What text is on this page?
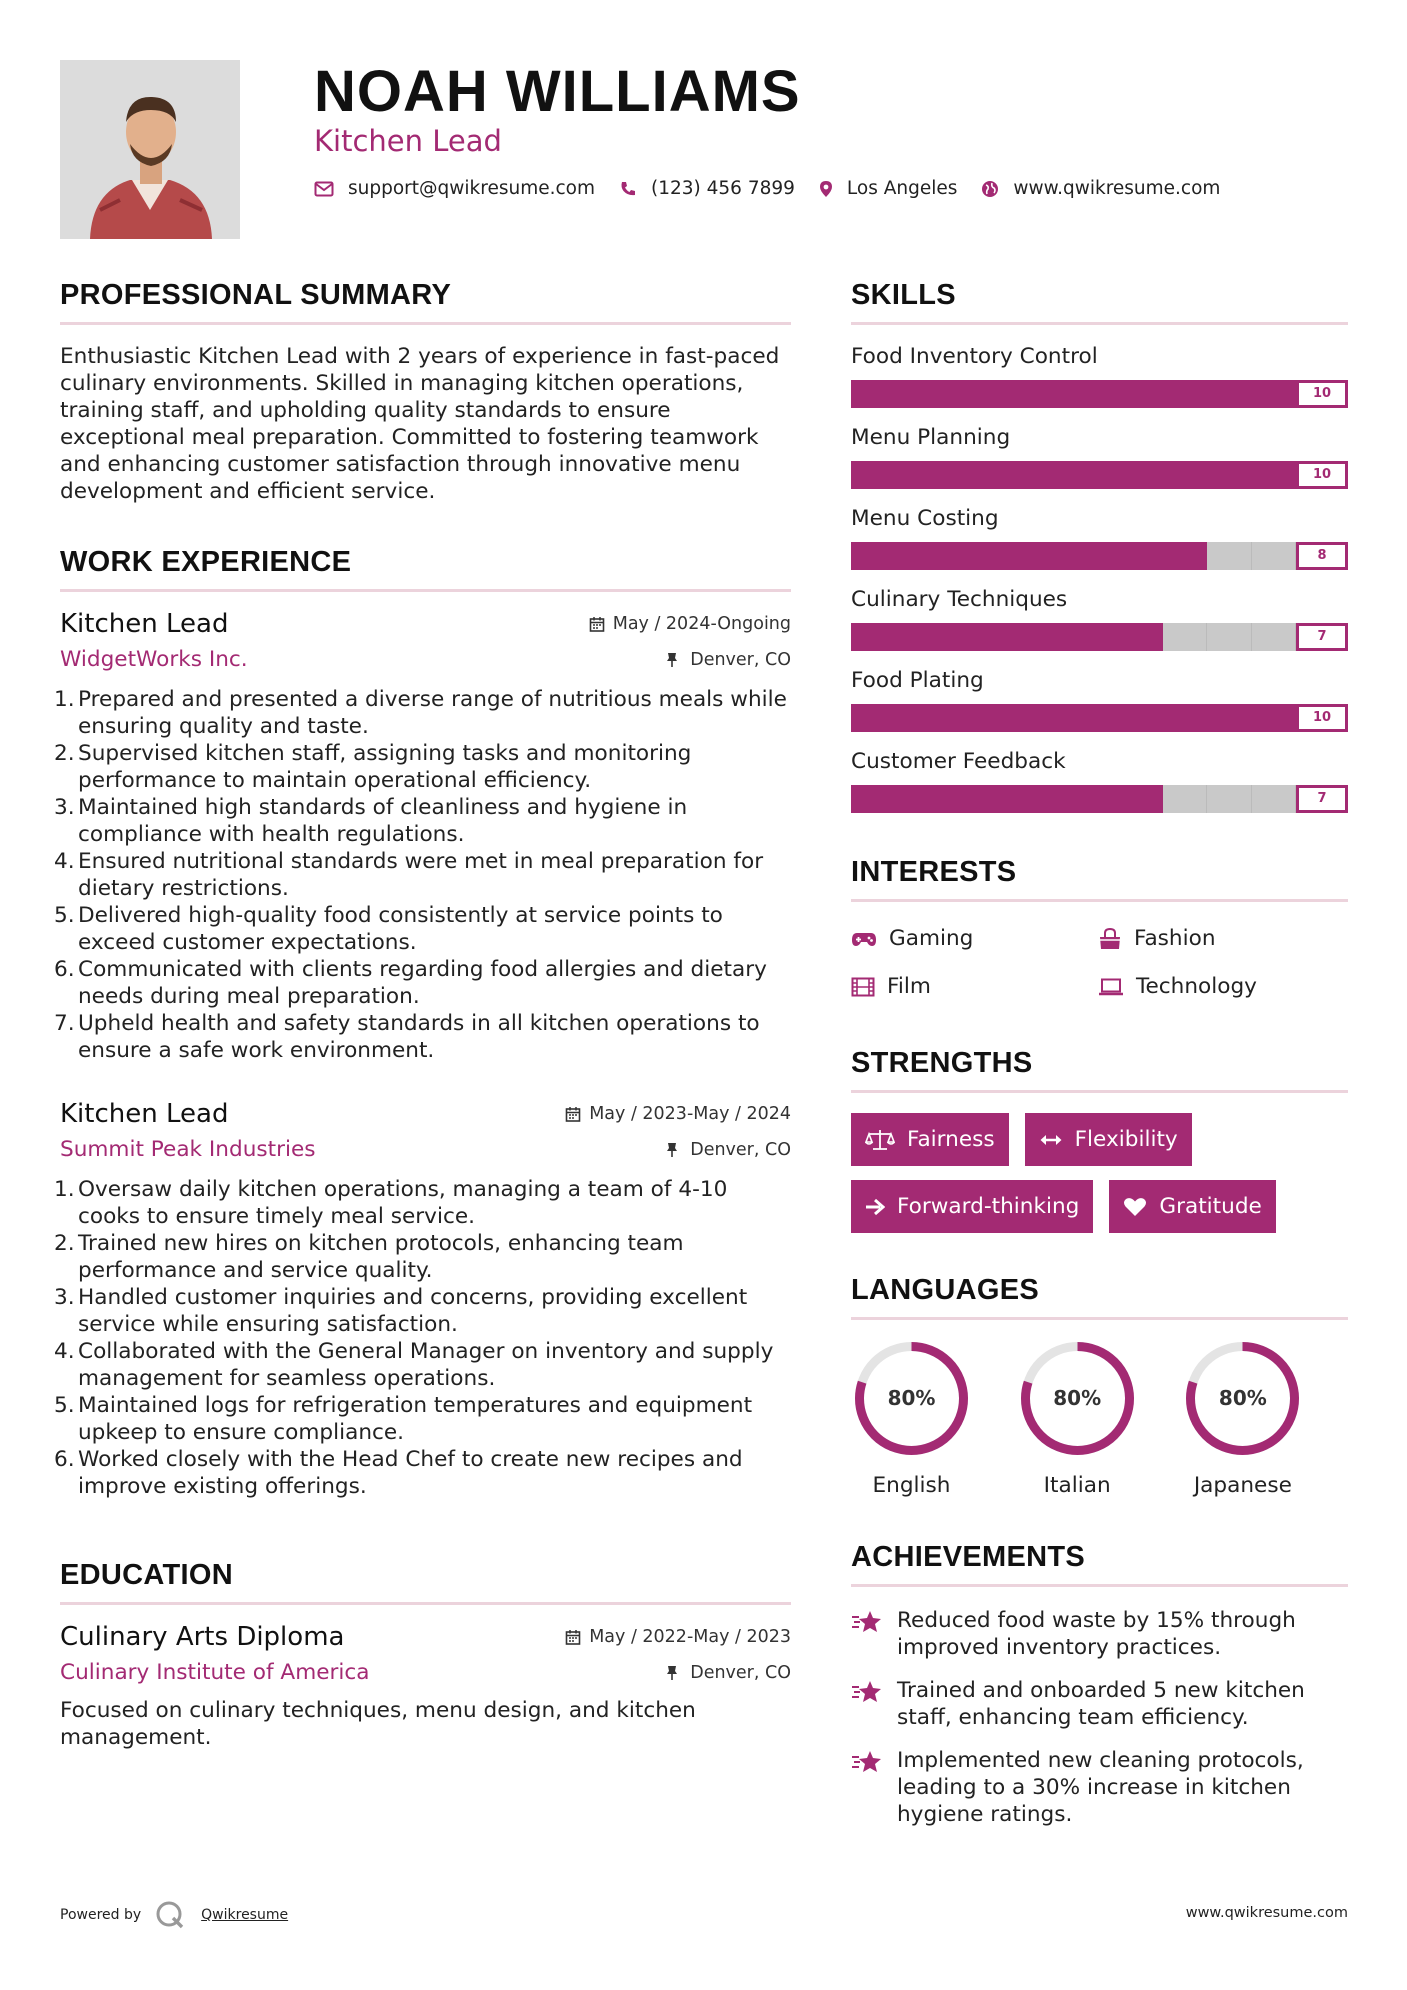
NOAH WILLIAMS
Kitchen Lead
support@qwikresume.com	(123) 456 7899	Los Angeles	www.qwikresume.com
PROFESSIONAL SUMMARY
Enthusiastic Kitchen Lead with 2 years of experience in fast-paced culinary environments. Skilled in managing kitchen operations, training staff, and upholding quality standards to ensure exceptional meal preparation. Committed to fostering teamwork and enhancing customer satisfaction through innovative menu development and efficient service.
WORK EXPERIENCE
Kitchen Lead	May / 2024-Ongoing
WidgetWorks Inc.	Denver, CO
Prepared and presented a diverse range of nutritious meals while ensuring quality and taste.
Supervised kitchen staff, assigning tasks and monitoring performance to maintain operational efficiency.
Maintained high standards of cleanliness and hygiene in compliance with health regulations.
Ensured nutritional standards were met in meal preparation for dietary restrictions.
Delivered high-quality food consistently at service points to exceed customer expectations.
Communicated with clients regarding food allergies and dietary needs during meal preparation.
Upheld health and safety standards in all kitchen operations to ensure a safe work environment.
Kitchen Lead	May / 2023-May / 2024
Summit Peak Industries	Denver, CO
Oversaw daily kitchen operations, managing a team of 4-10 cooks to ensure timely meal service.
Trained new hires on kitchen protocols, enhancing team performance and service quality.
Handled customer inquiries and concerns, providing excellent service while ensuring satisfaction.
Collaborated with the General Manager on inventory and supply management for seamless operations.
Maintained logs for refrigeration temperatures and equipment upkeep to ensure compliance.
Worked closely with the Head Chef to create new recipes and improve existing offerings.
EDUCATION
Culinary Arts Diploma	May / 2022-May / 2023
Culinary Institute of America	Denver, CO
Focused on culinary techniques, menu design, and kitchen management.
SKILLS
Food Inventory Control
10
Menu Planning
10
Menu Costing
8
Culinary Techniques
7
Food Plating
10
Customer Feedback
7
INTERESTS
Gaming	Fashion
Film	Technology
STRENGTHS
Fairness	Flexibility
Forward-thinking	Gratitude
LANGUAGES
80%
English
80%
Italian
80%
Japanese
ACHIEVEMENTS
Reduced food waste by 15% through improved inventory practices.
Trained and onboarded 5 new kitchen staff, enhancing team efficiency.
Implemented new cleaning protocols, leading to a 30% increase in kitchen hygiene ratings.
Powered by	Qwikresume	www.qwikresume.com
